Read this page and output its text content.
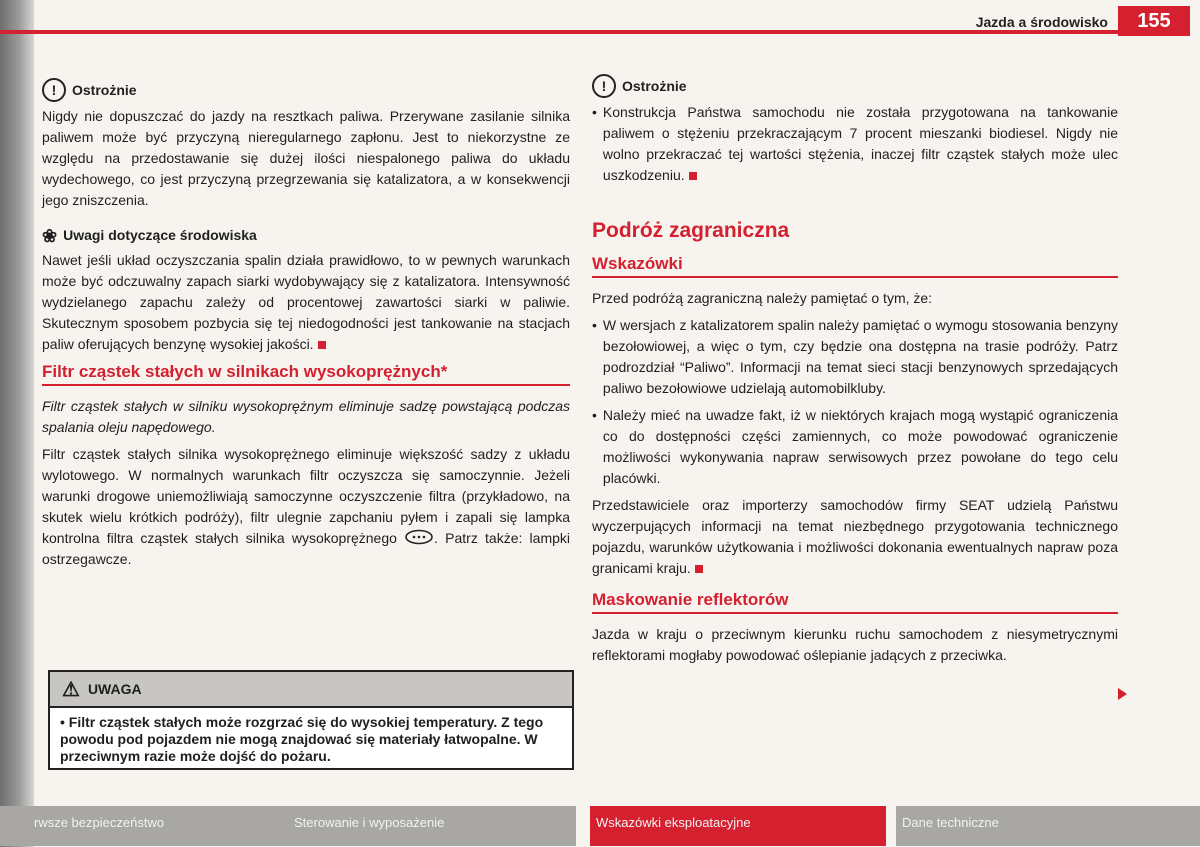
Jazda a środowisko	155
!	Ostrożnie

Nigdy nie dopuszczać do jazdy na resztkach paliwa. Przerywane zasilanie silnika paliwem może być przyczyną nieregularnego zapłonu. Jest to niekorzystne ze względu na przedostawanie się dużej ilości niespalonego paliwa do układu wydechowego, co jest przyczyną przegrzewania się katalizatora, a w konsekwencji jego zniszczenia.

❀ Uwagi dotyczące środowiska

Nawet jeśli układ oczyszczania spalin działa prawidłowo, to w pewnych warunkach może być odczuwalny zapach siarki wydobywający się z katalizatora. Intensywność wydzielanego zapachu zależy od procentowej zawartości siarki w paliwie. Skutecznym sposobem pozbycia się tej niedogodności jest tankowanie na stacjach paliw oferujących benzynę wysokiej jakości.

Filtr cząstek stałych w silnikach wysokoprężnych*

Filtr cząstek stałych w silniku wysokoprężnym eliminuje sadzę powstającą podczas spalania oleju napędowego.

Filtr cząstek stałych silnika wysokoprężnego eliminuje większość sadzy z układu wylotowego. W normalnych warunkach filtr oczyszcza się samoczynnie. Jeżeli warunki drogowe uniemożliwiają samoczynne oczyszczenie filtra (przykładowo, na skutek wielu krótkich podróży), filtr ulegnie zapchaniu pyłem i zapali się lampka kontrolna filtra cząstek stałych silnika wysokoprężnego	. Patrz także: lampki ostrzegawcze.

⚠ UWAGA
• Filtr cząstek stałych może rozgrzać się do wysokiej temperatury. Z tego powodu pod pojazdem nie mogą znajdować się materiały łatwopalne. W przeciwnym razie może dojść do pożaru.
!	Ostrożnie
• Konstrukcja Państwa samochodu nie została przygotowana na tankowanie paliwem o stężeniu przekraczającym 7 procent mieszanki biodiesel. Nigdy nie wolno przekraczać tej wartości stężenia, inaczej filtr cząstek stałych może ulec uszkodzeniu.
Podróż zagraniczna
Wskazówki

Przed podróżą zagraniczną należy pamiętać o tym, że:

• W wersjach z katalizatorem spalin należy pamiętać o wymogu stosowania benzyny bezołowiowej, a więc o tym, czy będzie ona dostępna na trasie podróży. Patrz podrozdział “Paliwo”. Informacji na temat sieci stacji benzynowych sprzedających paliwo bezołowiowe udzielają automobilkluby.
• Należy mieć na uwadze fakt, iż w niektórych krajach mogą wystąpić ograniczenia co do dostępności części zamiennych, co może powodować ograniczenie możliwości wykonywania napraw serwisowych przez powołane do tego celu placówki.

Przedstawiciele oraz importerzy samochodów firmy SEAT udzielą Państwu wyczerpujących informacji na temat niezbędnego przygotowania technicznego pojazdu, warunków użytkowania i możliwości dokonania ewentualnych napraw poza granicami kraju.

Maskowanie reflektorów

Jazda w kraju o przeciwnym kierunku ruchu samochodem z niesymetrycznymi reflektorami mogłaby powodować oślepianie jadących z przeciwka.

rwsze bezpieczeństwo	Sterowanie i wyposażenie	Wskazówki eksploatacyjne	Dane techniczne
